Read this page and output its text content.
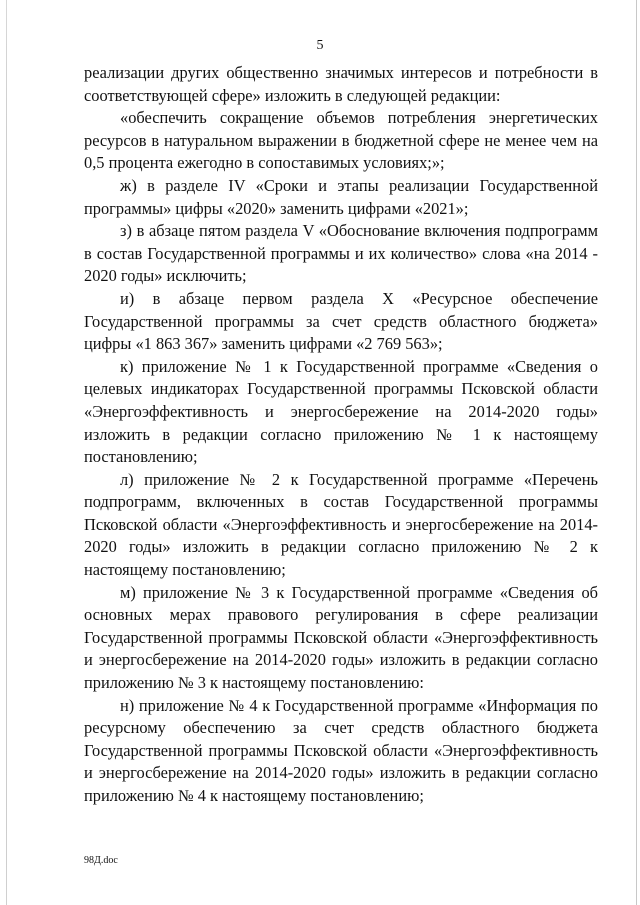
5

реализации других общественно значимых интересов и потребности в соответствующей сфере» изложить в следующей редакции:

«обеспечить сокращение объемов потребления энергетических ресурсов в натуральном выражении в бюджетной сфере не менее чем на 0,5 процента ежегодно в сопоставимых условиях;»;

ж) в разделе IV «Сроки и этапы реализации Государственной программы» цифры «2020» заменить цифрами «2021»;

з) в абзаце пятом раздела V «Обоснование включения подпрограмм в состав Государственной программы и их количество» слова «на 2014 - 2020 годы» исключить;

и) в абзаце первом раздела X «Ресурсное обеспечение Государственной программы за счет средств областного бюджета» цифры «1 863 367» заменить цифрами «2 769 563»;

к) приложение № 1 к Государственной программе «Сведения о целевых индикаторах Государственной программы Псковской области «Энергоэффективность и энергосбережение на 2014-2020 годы» изложить в редакции согласно приложению № 1 к настоящему постановлению;

л) приложение № 2 к Государственной программе «Перечень подпрограмм, включенных в состав Государственной программы Псковской области «Энергоэффективность и энергосбережение на 2014-2020 годы» изложить в редакции согласно приложению № 2 к настоящему постановлению;

м) приложение № 3 к Государственной программе «Сведения об основных мерах правового регулирования в сфере реализации Государственной программы Псковской области «Энергоэффективность и энергосбережение на 2014-2020 годы» изложить в редакции согласно приложению № 3 к настоящему постановлению:

н) приложение № 4 к Государственной программе «Информация по ресурсному обеспечению за счет средств областного бюджета Государственной программы Псковской области «Энергоэффективность и энергосбережение на 2014-2020 годы» изложить в редакции согласно приложению № 4 к настоящему постановлению;

98Д.doc
